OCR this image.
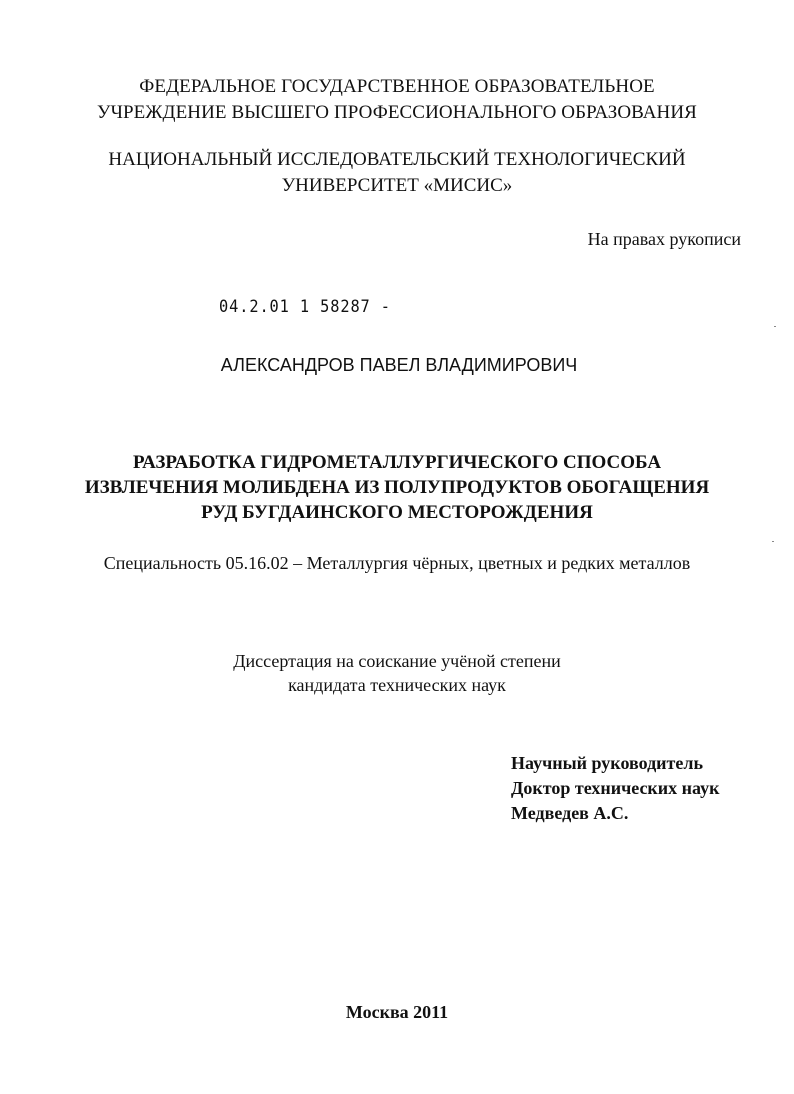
ФЕДЕРАЛЬНОЕ ГОСУДАРСТВЕННОЕ ОБРАЗОВАТЕЛЬНОЕ
УЧРЕЖДЕНИЕ ВЫСШЕГО ПРОФЕССИОНАЛЬНОГО ОБРАЗОВАНИЯ
НАЦИОНАЛЬНЫЙ ИССЛЕДОВАТЕЛЬСКИЙ ТЕХНОЛОГИЧЕСКИЙ
УНИВЕРСИТЕТ «МИСИС»
На правах рукописи
04.2.01 1 58287 -
АЛЕКСАНДРОВ ПАВЕЛ ВЛАДИМИРОВИЧ
РАЗРАБОТКА ГИДРОМЕТАЛЛУРГИЧЕСКОГО СПОСОБА
ИЗВЛЕЧЕНИЯ МОЛИБДЕНА ИЗ ПОЛУПРОДУКТОВ ОБОГАЩЕНИЯ
РУД БУГДАИНСКОГО МЕСТОРОЖДЕНИЯ
Специальность 05.16.02 – Металлургия чёрных, цветных и редких металлов
Диссертация на соискание учёной степени
кандидата технических наук
Научный руководитель
Доктор технических наук
Медведев А.С.
Москва 2011
